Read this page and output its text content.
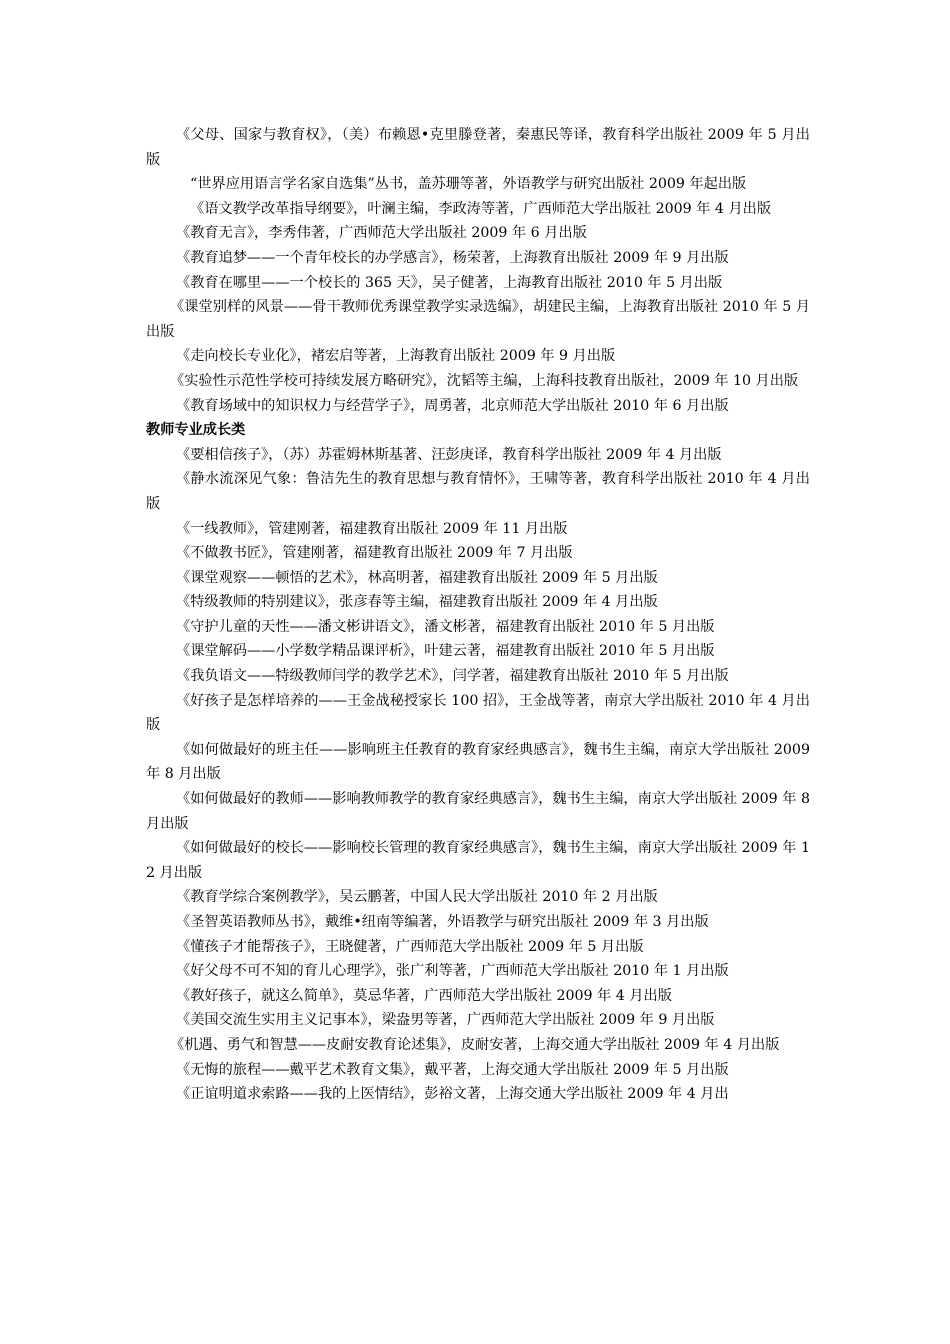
《父母、国家与教育权》，（美）布赖恩•克里滕登著，秦惠民等译，教育科学出版社 2009 年 5 月出版

“世界应用语言学名家自选集”丛书，盖苏珊等著，外语教学与研究出版社 2009 年起出版

《语文教学改革指导纲要》，叶澜主编，李政涛等著，广西师范大学出版社 2009 年 4 月出版

《教育无言》，李秀伟著，广西师范大学出版社 2009 年 6 月出版

《教育追梦——一个青年校长的办学感言》，杨荣著，上海教育出版社 2009 年 9 月出版

《教育在哪里——一个校长的 365 天》，吴子健著，上海教育出版社 2010 年 5 月出版

《课堂别样的风景——骨干教师优秀课堂教学实录选编》，胡建民主编，上海教育出版社 2010 年 5 月出版

《走向校长专业化》，褚宏启等著，上海教育出版社 2009 年 9 月出版

《实验性示范性学校可持续发展方略研究》，沈韬等主编，上海科技教育出版社，2009 年 10 月出版

《教育场域中的知识权力与经营学子》，周勇著，北京师范大学出版社 2010 年 6 月出版

教师专业成长类

《要相信孩子》，（苏）苏霍姆林斯基著、汪彭庚译，教育科学出版社 2009 年 4 月出版

《静水流深见气象：鲁洁先生的教育思想与教育情怀》，王啸等著，教育科学出版社 2010 年 4 月出版

《一线教师》，管建刚著，福建教育出版社 2009 年 11 月出版

《不做教书匠》，管建刚著，福建教育出版社 2009 年 7 月出版

《课堂观察——顿悟的艺术》，林高明著，福建教育出版社 2009 年 5 月出版

《特级教师的特别建议》，张彦春等主编，福建教育出版社 2009 年 4 月出版

《守护儿童的天性——潘文彬讲语文》，潘文彬著，福建教育出版社 2010 年 5 月出版

《课堂解码——小学数学精品课评析》，叶建云著，福建教育出版社 2010 年 5 月出版

《我负语文——特级教师闫学的教学艺术》，闫学著，福建教育出版社 2010 年 5 月出版

《好孩子是怎样培养的——王金战秘授家长 100 招》，王金战等著，南京大学出版社 2010 年 4 月出版

《如何做最好的班主任——影响班主任教育的教育家经典感言》，魏书生主编，南京大学出版社 2009 年 8 月出版

《如何做最好的教师——影响教师教学的教育家经典感言》，魏书生主编，南京大学出版社 2009 年 8 月出版

《如何做最好的校长——影响校长管理的教育家经典感言》，魏书生主编，南京大学出版社 2009 年 12 月出版

《教育学综合案例教学》，吴云鹏著，中国人民大学出版社 2010 年 2 月出版

《圣智英语教师丛书》，戴维•纽南等编著，外语教学与研究出版社 2009 年 3 月出版

《懂孩子才能帮孩子》，王晓健著，广西师范大学出版社 2009 年 5 月出版

《好父母不可不知的育儿心理学》，张广利等著，广西师范大学出版社 2010 年 1 月出版

《教好孩子，就这么简单》，莫忌华著，广西师范大学出版社 2009 年 4 月出版

《美国交流生实用主义记事本》，梁盎男等著，广西师范大学出版社 2009 年 9 月出版

《机遇、勇气和智慧——皮耐安教育论述集》，皮耐安著，上海交通大学出版社 2009 年 4 月出版

《无悔的旅程——戴平艺术教育文集》，戴平著，上海交通大学出版社 2009 年 5 月出版

《正谊明道求索路——我的上医情结》，彭裕文著，上海交通大学出版社 2009 年 4 月出
